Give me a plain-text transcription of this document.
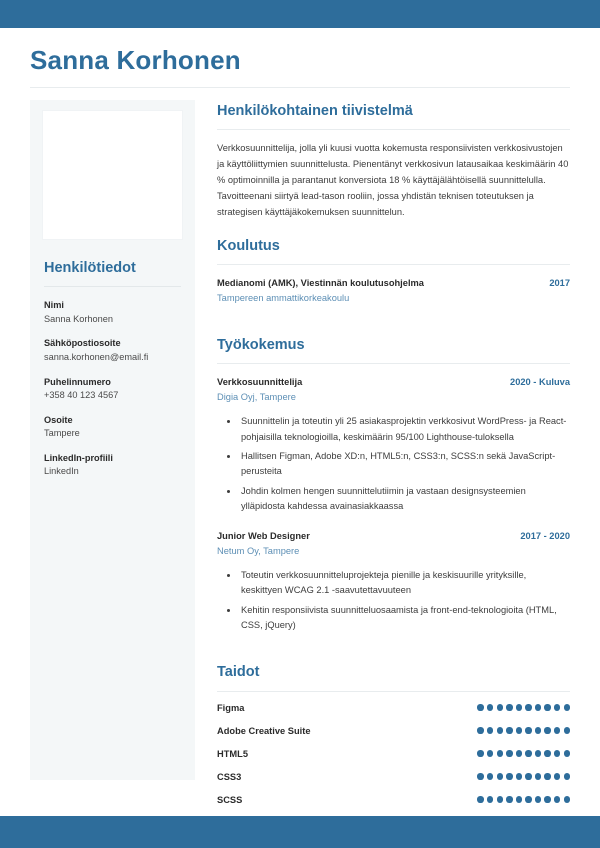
Sanna Korhonen
Henkilötiedot
Nimi
Sanna Korhonen
Sähköpostiosoite
sanna.korhonen@email.fi
Puhelinnumero
+358 40 123 4567
Osoite
Tampere
LinkedIn-profiili
LinkedIn
Henkilökohtainen tiivistelmä

Verkkosuunnittelija, jolla yli kuusi vuotta kokemusta responsiivisten verkkosivustojen ja käyttöliittymien suunnittelusta. Pienentänyt verkkosivun latausaikaa keskimäärin 40 % optimoinnilla ja parantanut konversiota 18 % käyttäjälähtöisellä suunnittelulla. Tavoitteenani siirtyä lead-tason rooliin, jossa yhdistän teknisen toteutuksen ja strategisen käyttäjäkokemuksen suunnittelun.

Koulutus
Medianomi (AMK), Viestinnän koulutusohjelma	2017
Tampereen ammattikorkeakoulu
Työkokemus
Verkkosuunnittelija	2020 - Kuluva
Digia Oyj, Tampere
• Suunnittelin ja toteutin yli 25 asiakasprojektin verkkosivut WordPress- ja React-pohjaisilla teknologioilla, keskimäärin 95/100 Lighthouse-tuloksella
• Hallitsen Figman, Adobe XD:n, HTML5:n, CSS3:n, SCSS:n sekä JavaScript-perusteita
• Johdin kolmen hengen suunnittelutiimin ja vastaan designsysteemien ylläpidosta kahdessa avainasiakkaassa
Junior Web Designer	2017 - 2020
Netum Oy, Tampere
• Toteutin verkkosuunnitteluprojekteja pienille ja keskisuurille yrityksille, keskittyen WCAG 2.1 -saavutettavuuteen
• Kehitin responsiivista suunnitteluosaamista ja front-end-teknologioita (HTML, CSS, jQuery)
Taidot
Figma
Adobe Creative Suite
HTML5
CSS3
SCSS
